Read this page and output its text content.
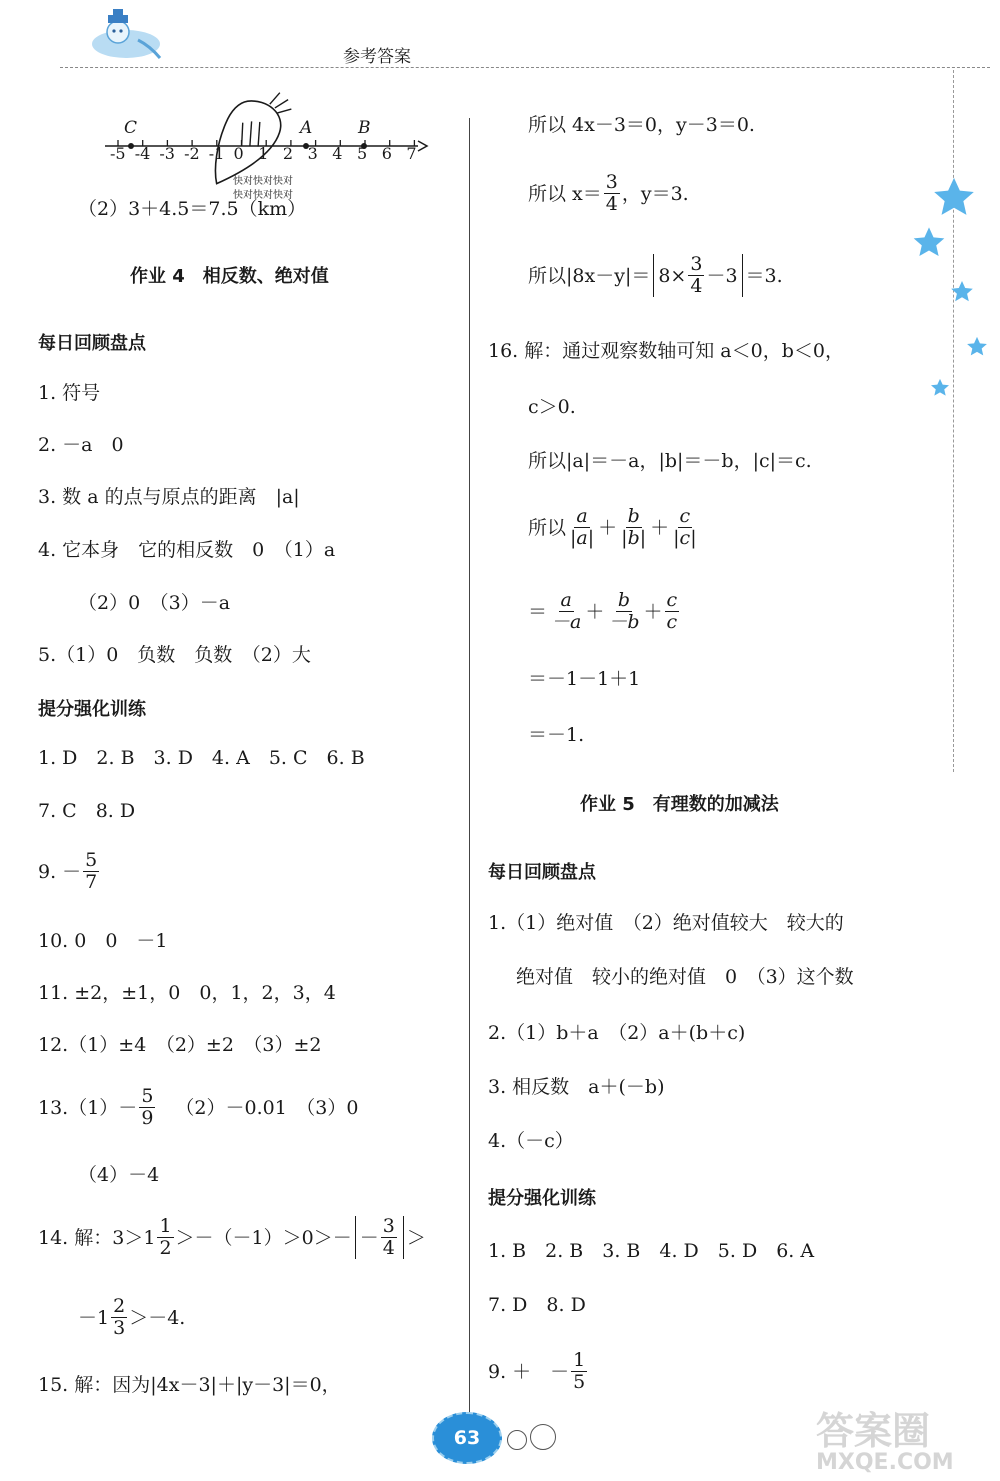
参考答案
C	A	B
-5 -4 -3 -2 -1 0 1 2 3 4 5 6 7
快对快对快对
快对快对快对
（2）3＋4.5＝7.5（km）
作业 4　相反数、绝对值
每日回顾盘点
1. 符号
2. －a　0
3. 数 a 的点与原点的距离　|a|
4. 它本身　它的相反数　0　（1）a
（2）0　（3）－a
5.（1）0　负数　负数　（2）大
提分强化训练
1. D　2. B　3. D　4. A　5. C　6. B
7. C　8. D
9. － $\frac{5}{7}$
10. 0　0　－1
11. ±2，±1，0　0，1，2，3，4
12.（1）±4　（2）±2　（3）±2
$13.(1)- \frac{5}{9} (2)-0.01$　（3）0
（4）－4
14. 解：$3>1 \frac{1}{2} >-(-1)>0>- - \frac{3}{4}$ ＞
$-1 \frac{2}{3} >-4$.
15. 解：因为|4x－3|＋|y－3|＝0，
所以 4x－3＝0，y－3＝0.
所以 $x= \frac{3}{4}$ ，y＝3.
所以$|8x-y|= 8\times \frac{3}{4} -3 =3$.
16. 解：通过观察数轴可知 a＜0，b＜0，
c＞0.
所以|a|＝－a，|b|＝－b，|c|＝c.
所以 $\frac{a}{|a|} + \frac{b}{|b|} + \frac{c}{|c|}$
＝ $\frac{a}{-a} + \frac{b}{-b} + \frac{c}{c}$
＝－1－1＋1
＝－1.
作业 5　有理数的加减法
每日回顾盘点
1.（1）绝对值　（2）绝对值较大　较大的
绝对值　较小的绝对值　0　（3）这个数
2.（1）b＋a　（2）a＋(b＋c)
3. 相反数　a＋(－b)
4.（－c）
提分强化训练
1. B　2. B　3. B　4. D　5. D　6. A
7. D　8. D
9. ＋　－ $\frac{1}{5}$
63	答案圈
MXQE.COM
